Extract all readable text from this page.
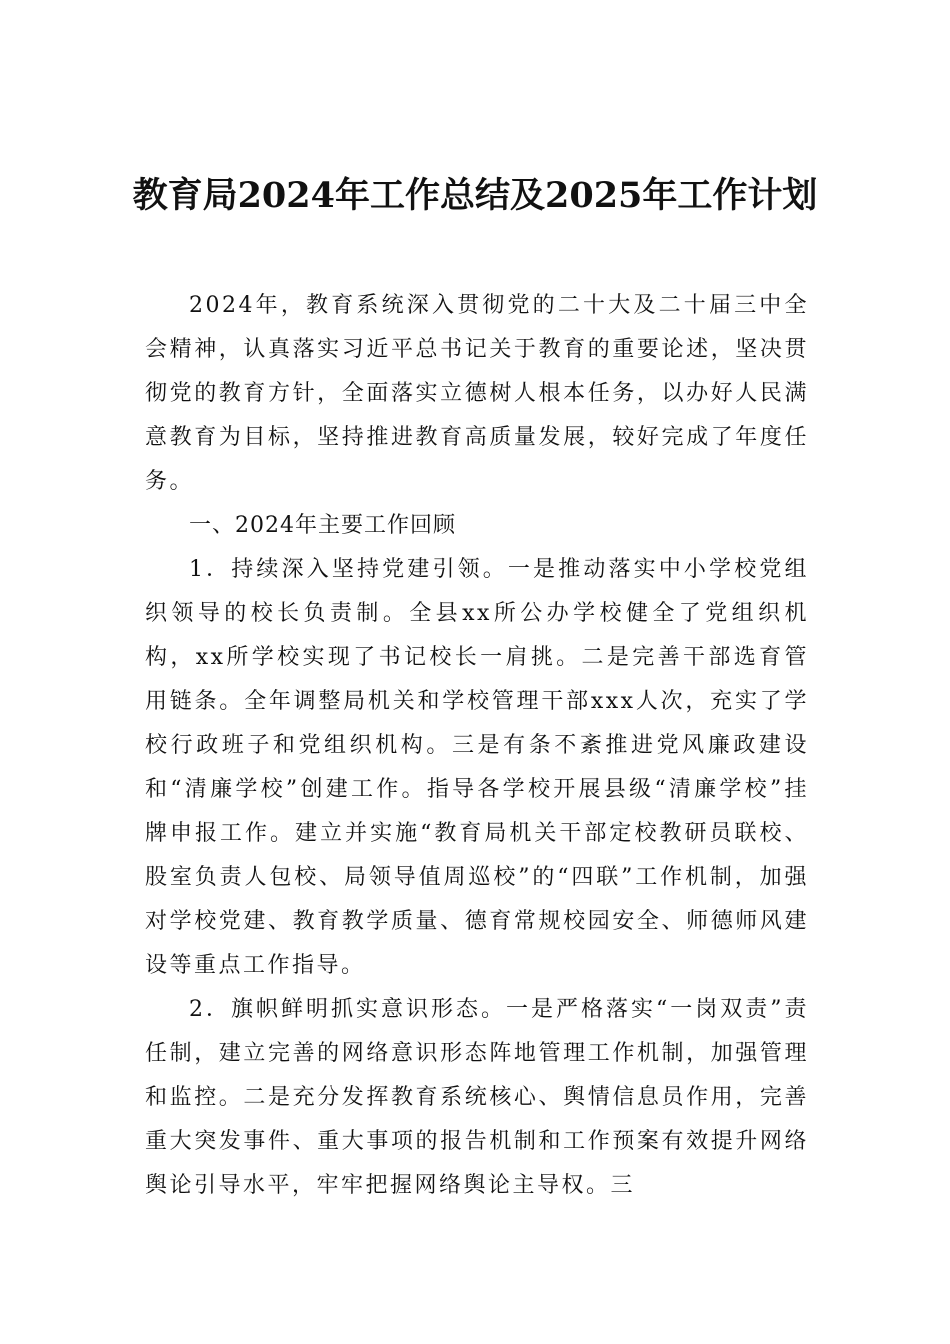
教育局2024年工作总结及2025年工作计划

2024年，教育系统深入贯彻党的二十大及二十届三中全会精神，认真落实习近平总书记关于教育的重要论述，坚决贯彻党的教育方针，全面落实立德树人根本任务，以办好人民满意教育为目标，坚持推进教育高质量发展，较好完成了年度任务。

一、2024年主要工作回顾

1．持续深入坚持党建引领。一是推动落实中小学校党组织领导的校长负责制。全县xx所公办学校健全了党组织机构，xx所学校实现了书记校长一肩挑。二是完善干部选育管用链条。全年调整局机关和学校管理干部xxx人次，充实了学校行政班子和党组织机构。三是有条不紊推进党风廉政建设和“清廉学校”创建工作。指导各学校开展县级“清廉学校”挂牌申报工作。建立并实施“教育局机关干部定校教研员联校、股室负责人包校、局领导值周巡校”的“四联”工作机制，加强对学校党建、教育教学质量、德育常规校园安全、师德师风建设等重点工作指导。

2．旗帜鲜明抓实意识形态。一是严格落实“一岗双责”责任制，建立完善的网络意识形态阵地管理工作机制，加强管理和监控。二是充分发挥教育系统核心、舆情信息员作用，完善重大突发事件、重大事项的报告机制和工作预案有效提升网络舆论引导水平，牢牢把握网络舆论主导权。三
